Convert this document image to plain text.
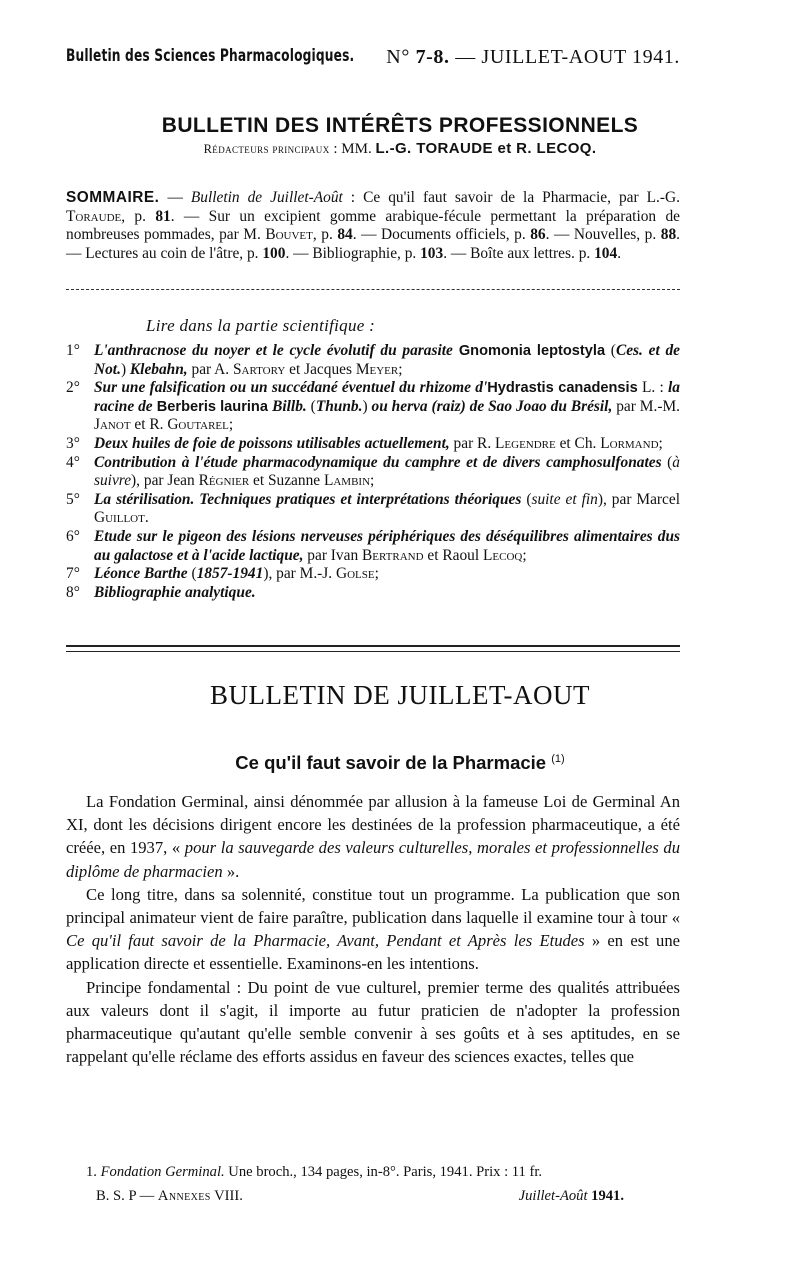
Bulletin des Sciences Pharmacologiques. N° 7-8. — JUILLET-AOUT 1941.
BULLETIN DES INTÉRÊTS PROFESSIONNELS
Rédacteurs principaux : MM. L.-G. TORAUDE et R. LECOQ.
SOMMAIRE. — Bulletin de Juillet-Août : Ce qu'il faut savoir de la Pharmacie, par L.-G. Toraude, p. 81. — Sur un excipient gomme arabique-fécule permettant la préparation de nombreuses pommades, par M. Bouvet, p. 84. — Documents officiels, p. 86. — Nouvelles, p. 88. — Lectures au coin de l'âtre, p. 100. — Bibliographie, p. 103. — Boîte aux lettres. p. 104.
Lire dans la partie scientifique :
1° L'anthracnose du noyer et le cycle évolutif du parasite Gnomonia leptostyla (Ces. et de Not.) Klebahn, par A. Sartory et Jacques Meyer;
2° Sur une falsification ou un succédané éventuel du rhizome d'Hydrastis canadensis L. : la racine de Berberis laurina Billb. (Thunb.) ou herva (raiz) de Sao Joao du Brésil, par M.-M. Janot et R. Goutarel;
3° Deux huiles de foie de poissons utilisables actuellement, par R. Legendre et Ch. Lormand;
4° Contribution à l'étude pharmacodynamique du camphre et de divers camphosulfonates (à suivre), par Jean Régnier et Suzanne Lambin;
5° La stérilisation. Techniques pratiques et interprétations théoriques (suite et fin), par Marcel Guillot.
6° Etude sur le pigeon des lésions nerveuses périphériques des déséquilibres alimentaires dus au galactose et à l'acide lactique, par Ivan Bertrand et Raoul Lecoq;
7° Léonce Barthe (1857-1941), par M.-J. Golse;
8° Bibliographie analytique.
BULLETIN DE JUILLET-AOUT
Ce qu'il faut savoir de la Pharmacie $^{(1)}$

La Fondation Germinal, ainsi dénommée par allusion à la fameuse Loi de Germinal An XI, dont les décisions dirigent encore les destinées de la profession pharmaceutique, a été créée, en 1937, « pour la sauvegarde des valeurs culturelles, morales et professionnelles du diplôme de pharmacien ».

Ce long titre, dans sa solennité, constitue tout un programme. La publication que son principal animateur vient de faire paraître, publication dans laquelle il examine tour à tour « Ce qu'il faut savoir de la Pharmacie, Avant, Pendant et Après les Etudes » en est une application directe et essentielle. Examinons-en les intentions.

Principe fondamental : Du point de vue culturel, premier terme des qualités attribuées aux valeurs dont il s'agit, il importe au futur praticien de n'adopter la profession pharmaceutique qu'autant qu'elle semble convenir à ses goûts et à ses aptitudes, en se rappelant qu'elle réclame des efforts assidus en faveur des sciences exactes, telles que

1. Fondation Germinal. Une broch., 134 pages, in-8°. Paris, 1941. Prix : 11 fr.
B. S. P — Annexes VIII.	Juillet-Août 1941.
